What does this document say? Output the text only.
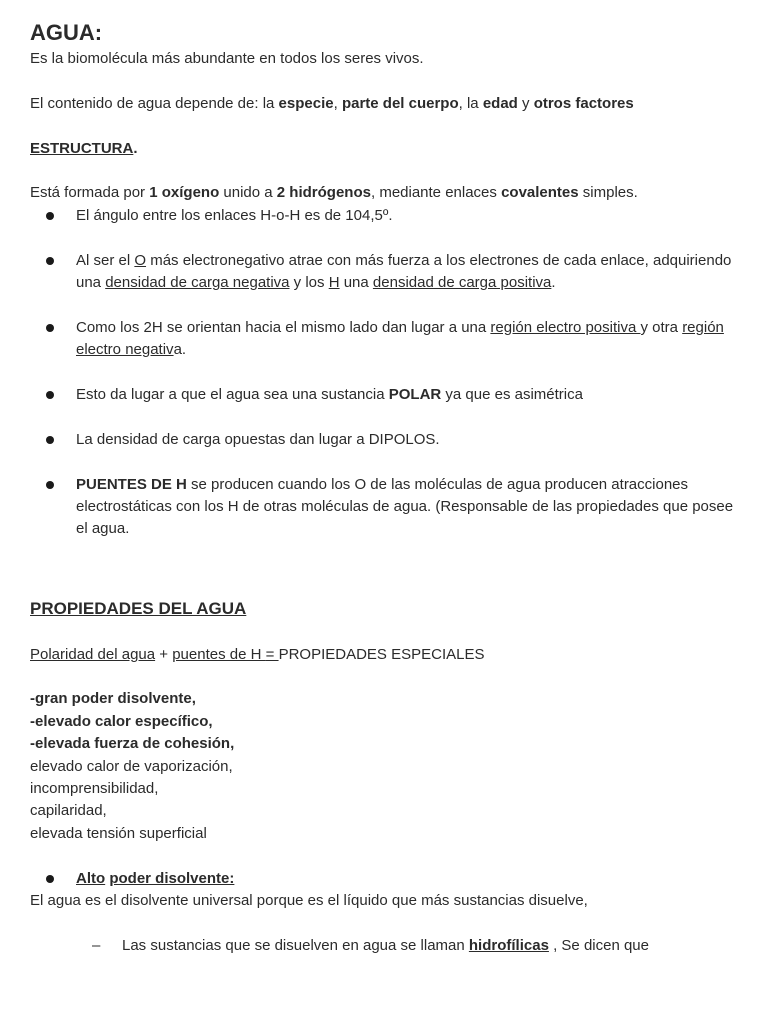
AGUA:

Es la biomolécula más abundante en todos los seres vivos.

El contenido de agua depende de: la especie, parte del cuerpo, la edad y otros factores

ESTRUCTURA.

Está formada por 1 oxígeno unido a 2 hidrógenos, mediante enlaces covalentes simples.

El ángulo entre los enlaces H-o-H es de 104,5º.
Al ser el O más electronegativo atrae con más fuerza a los electrones de cada enlace, adquiriendo una densidad de carga negativa y los H una densidad de carga positiva.
Como los 2H se orientan hacia el mismo lado dan lugar a una región electro positiva y otra región electro negativa.
Esto da lugar a que el agua sea una sustancia POLAR ya que es asimétrica
La densidad de carga opuestas dan lugar a DIPOLOS.
PUENTES DE H se producen cuando los O de las moléculas de agua producen atracciones electrostáticas con los H de otras moléculas de agua. (Responsable de las propiedades que posee el agua.

PROPIEDADES DEL AGUA

Polaridad del agua + puentes de H = PROPIEDADES ESPECIALES

-gran poder disolvente,

-elevado calor específico,

-elevada fuerza de cohesión,

elevado calor de vaporización,

incomprensibilidad,

capilaridad,

elevada tensión superficial

Alto poder disolvente:

El agua es el disolvente universal porque es el líquido que más sustancias disuelve,

– Las sustancias que se disuelven en agua se llaman hidrofílicas , Se dicen que
